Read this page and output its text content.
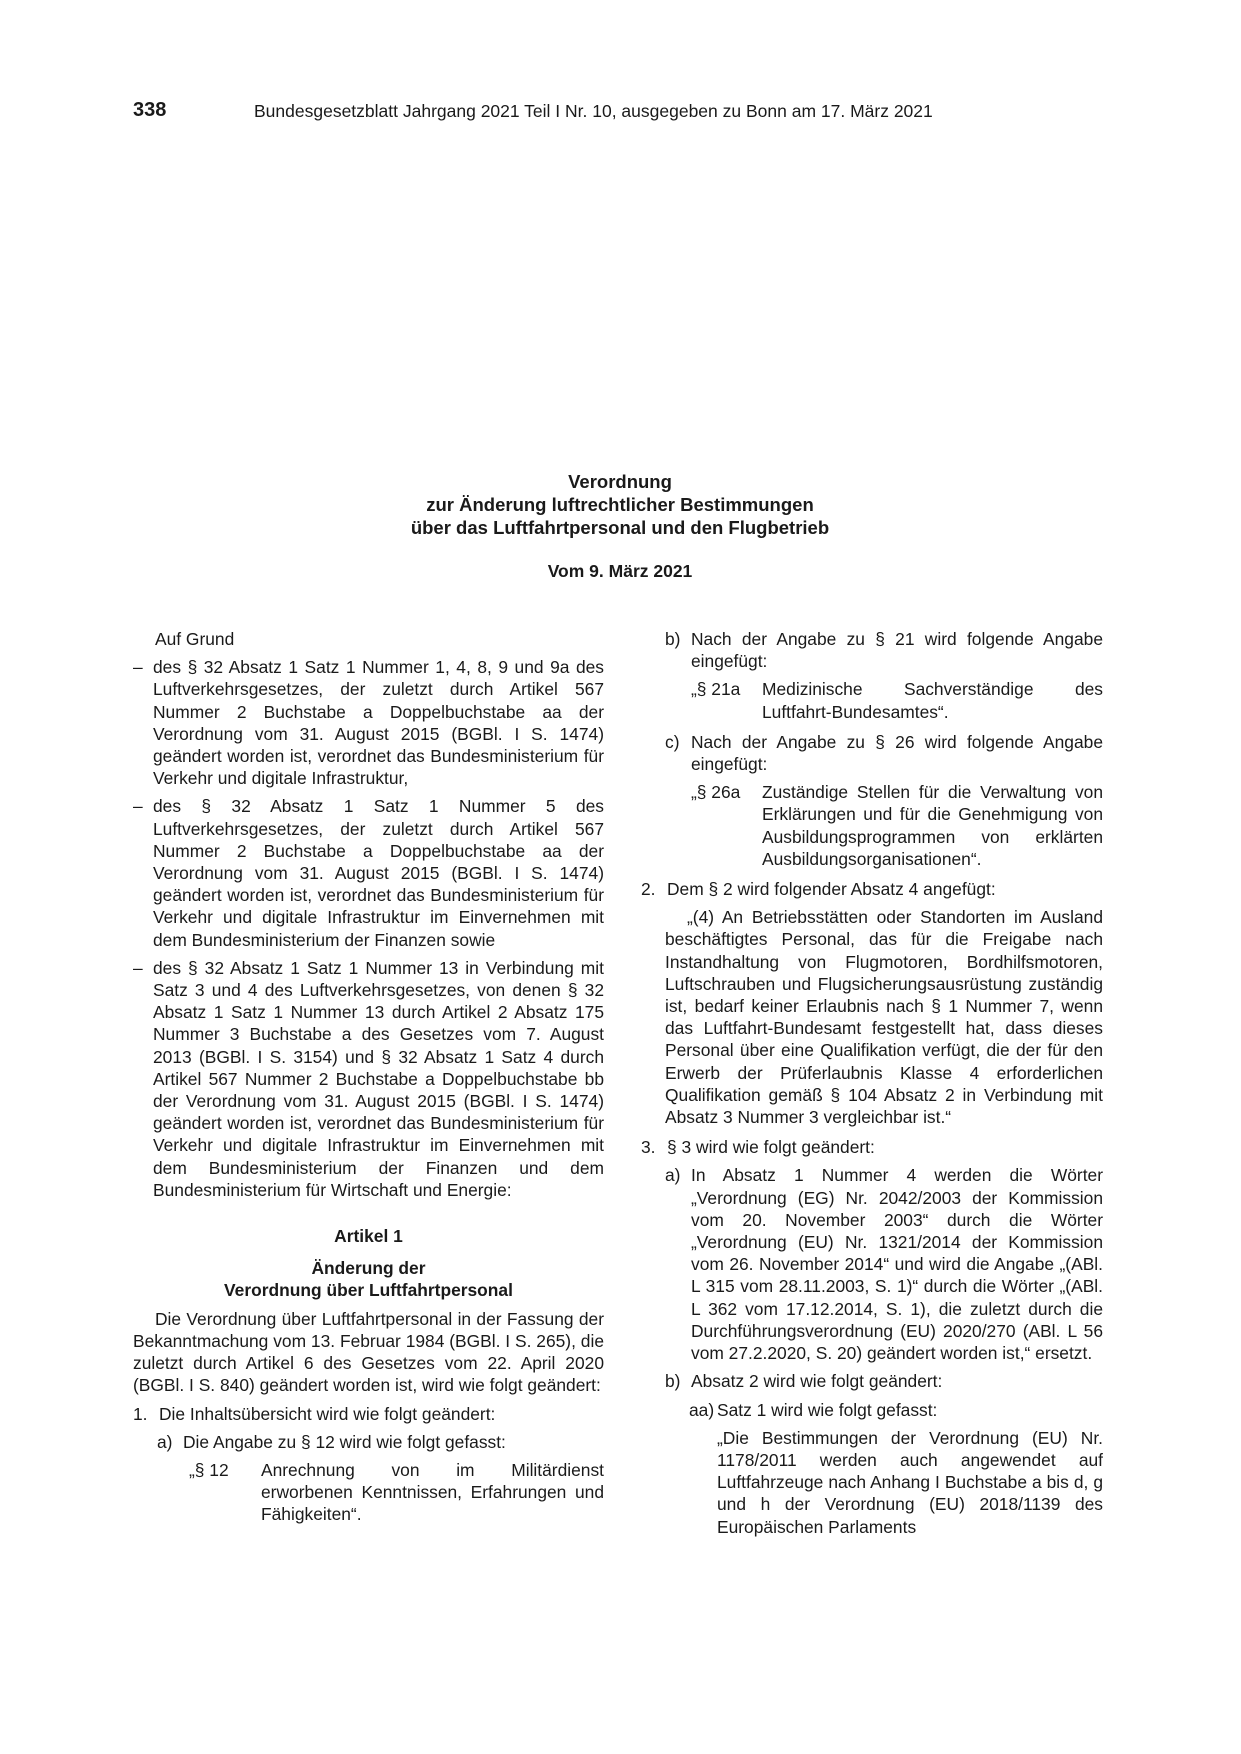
338	Bundesgesetzblatt Jahrgang 2021 Teil I Nr. 10, ausgegeben zu Bonn am 17. März 2021
Verordnung
zur Änderung luftrechtlicher Bestimmungen
über das Luftfahrtpersonal und den Flugbetrieb
Vom 9. März 2021

Auf Grund

– des § 32 Absatz 1 Satz 1 Nummer 1, 4, 8, 9 und 9a des Luftverkehrsgesetzes, der zuletzt durch Artikel 567 Nummer 2 Buchstabe a Doppelbuchstabe aa der Verordnung vom 31. August 2015 (BGBl. I S. 1474) geändert worden ist, verordnet das Bundesministerium für Verkehr und digitale Infrastruktur,

– des § 32 Absatz 1 Satz 1 Nummer 5 des Luftverkehrsgesetzes, der zuletzt durch Artikel 567 Nummer 2 Buchstabe a Doppelbuchstabe aa der Verordnung vom 31. August 2015 (BGBl. I S. 1474) geändert worden ist, verordnet das Bundesministerium für Verkehr und digitale Infrastruktur im Einvernehmen mit dem Bundesministerium der Finanzen sowie

– des § 32 Absatz 1 Satz 1 Nummer 13 in Verbindung mit Satz 3 und 4 des Luftverkehrsgesetzes, von denen § 32 Absatz 1 Satz 1 Nummer 13 durch Artikel 2 Absatz 175 Nummer 3 Buchstabe a des Gesetzes vom 7. August 2013 (BGBl. I S. 3154) und § 32 Absatz 1 Satz 4 durch Artikel 567 Nummer 2 Buchstabe a Doppelbuchstabe bb der Verordnung vom 31. August 2015 (BGBl. I S. 1474) geändert worden ist, verordnet das Bundesministerium für Verkehr und digitale Infrastruktur im Einvernehmen mit dem Bundesministerium der Finanzen und dem Bundesministerium für Wirtschaft und Energie:

Artikel 1

Änderung der
Verordnung über Luftfahrtpersonal

Die Verordnung über Luftfahrtpersonal in der Fassung der Bekanntmachung vom 13. Februar 1984 (BGBl. I S. 265), die zuletzt durch Artikel 6 des Gesetzes vom 22. April 2020 (BGBl. I S. 840) geändert worden ist, wird wie folgt geändert:

1. Die Inhaltsübersicht wird wie folgt geändert:

a) Die Angabe zu § 12 wird wie folgt gefasst:

„§ 12 Anrechnung von im Militärdienst erworbenen Kenntnissen, Erfahrungen und Fähigkeiten“.

b) Nach der Angabe zu § 21 wird folgende Angabe eingefügt:

„§ 21a Medizinische Sachverständige des Luftfahrt-Bundesamtes“.

c) Nach der Angabe zu § 26 wird folgende Angabe eingefügt:

„§ 26a Zuständige Stellen für die Verwaltung von Erklärungen und für die Genehmigung von Ausbildungsprogrammen von erklärten Ausbildungsorganisationen“.

2. Dem § 2 wird folgender Absatz 4 angefügt:

„(4) An Betriebsstätten oder Standorten im Ausland beschäftigtes Personal, das für die Freigabe nach Instandhaltung von Flugmotoren, Bordhilfsmotoren, Luftschrauben und Flugsicherungsausrüstung zuständig ist, bedarf keiner Erlaubnis nach § 1 Nummer 7, wenn das Luftfahrt-Bundesamt festgestellt hat, dass dieses Personal über eine Qualifikation verfügt, die der für den Erwerb der Prüferlaubnis Klasse 4 erforderlichen Qualifikation gemäß § 104 Absatz 2 in Verbindung mit Absatz 3 Nummer 3 vergleichbar ist.“

3. § 3 wird wie folgt geändert:

a) In Absatz 1 Nummer 4 werden die Wörter „Verordnung (EG) Nr. 2042/2003 der Kommission vom 20. November 2003“ durch die Wörter „Verordnung (EU) Nr. 1321/2014 der Kommission vom 26. November 2014“ und wird die Angabe „(ABl. L 315 vom 28.11.2003, S. 1)“ durch die Wörter „(ABl. L 362 vom 17.12.2014, S. 1), die zuletzt durch die Durchführungsverordnung (EU) 2020/270 (ABl. L 56 vom 27.2.2020, S. 20) geändert worden ist,“ ersetzt.

b) Absatz 2 wird wie folgt geändert:

aa) Satz 1 wird wie folgt gefasst:

„Die Bestimmungen der Verordnung (EU) Nr. 1178/2011 werden auch angewendet auf Luftfahrzeuge nach Anhang I Buchstabe a bis d, g und h der Verordnung (EU) 2018/1139 des Europäischen Parlaments
